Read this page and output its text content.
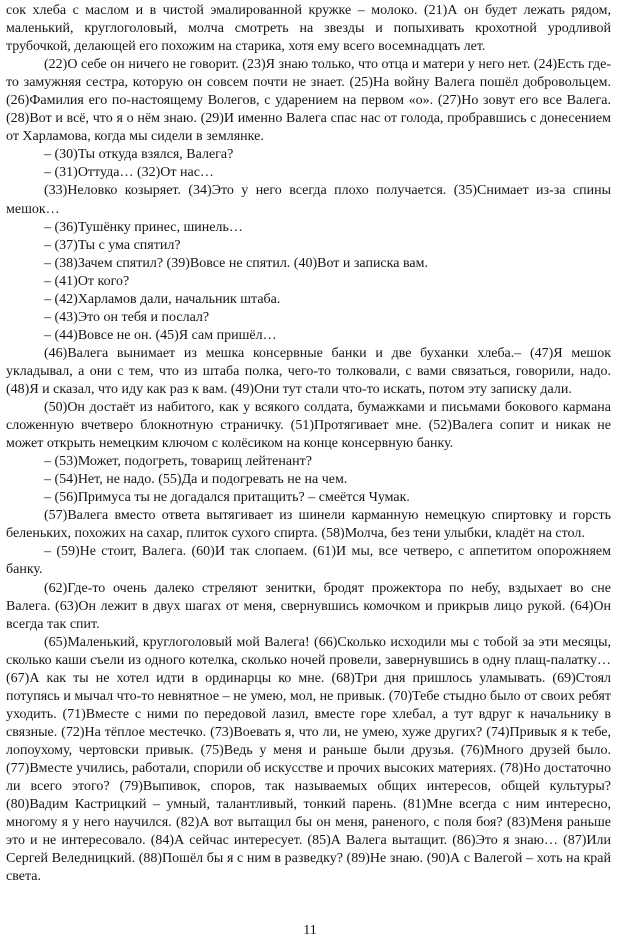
сок хлеба с маслом и в чистой эмалированной кружке – молоко. (21)А он будет лежать рядом, маленький, круглоголовый, молча смотреть на звезды и попыхивать крохотной уродливой трубочкой, делающей его похожим на старика, хотя ему всего восемнадцать лет.

(22)О себе он ничего не говорит. (23)Я знаю только, что отца и матери у него нет. (24)Есть где-то замужняя сестра, которую он совсем почти не знает. (25)На войну Валега пошёл добровольцем. (26)Фамилия его по-настоящему Волегов, с ударением на первом «о». (27)Но зовут его все Валега. (28)Вот и всё, что я о нём знаю. (29)И именно Валега спас нас от голода, пробравшись с донесением от Харламова, когда мы сидели в землянке.

– (30)Ты откуда взялся, Валега?

– (31)Оттуда… (32)От нас…

(33)Неловко козыряет. (34)Это у него всегда плохо получается. (35)Снимает из-за спины мешок…

– (36)Тушёнку принес, шинель…

– (37)Ты с ума спятил?

– (38)Зачем спятил? (39)Вовсе не спятил. (40)Вот и записка вам.

– (41)От кого?

– (42)Харламов дали, начальник штаба.

– (43)Это он тебя и послал?

– (44)Вовсе не он. (45)Я сам пришёл…

(46)Валега вынимает из мешка консервные банки и две буханки хлеба.– (47)Я мешок укладывал, а они с тем, что из штаба полка, чего-то толковали, с вами связаться, говорили, надо. (48)Я и сказал, что иду как раз к вам. (49)Они тут стали что-то искать, потом эту записку дали.

(50)Он достаёт из набитого, как у всякого солдата, бумажками и письмами бокового кармана сложенную вчетверо блокнотную страничку. (51)Протягивает мне. (52)Валега сопит и никак не может открыть немецким ключом с колёсиком на конце консервную банку.

– (53)Может, подогреть, товарищ лейтенант?

– (54)Нет, не надо. (55)Да и подогревать не на чем.

– (56)Примуса ты не догадался притащить? – смеётся Чумак.

(57)Валега вместо ответа вытягивает из шинели карманную немецкую спиртовку и горсть беленьких, похожих на сахар, плиток сухого спирта. (58)Молча, без тени улыбки, кладёт на стол.

– (59)Не стоит, Валега. (60)И так слопаем. (61)И мы, все четверо, с аппетитом опорожняем банку.

(62)Где-то очень далеко стреляют зенитки, бродят прожектора по небу, вздыхает во сне Валега. (63)Он лежит в двух шагах от меня, свернувшись комочком и прикрыв лицо рукой. (64)Он всегда так спит.

(65)Маленький, круглоголовый мой Валега! (66)Сколько исходили мы с тобой за эти месяцы, сколько каши съели из одного котелка, сколько ночей провели, завернувшись в одну плащ-палатку… (67)А как ты не хотел идти в ординарцы ко мне. (68)Три дня пришлось уламывать. (69)Стоял потупясь и мычал что-то невнятное – не умею, мол, не привык. (70)Тебе стыдно было от своих ребят уходить. (71)Вместе с ними по передовой лазил, вместе горе хлебал, а тут вдруг к начальнику в связные. (72)На тёплое местечко. (73)Воевать я, что ли, не умею, хуже других? (74)Привык я к тебе, лопоухому, чертовски привык. (75)Ведь у меня и раньше были друзья. (76)Много друзей было. (77)Вместе учились, работали, спорили об искусстве и прочих высоких материях. (78)Но достаточно ли всего этого? (79)Выпивок, споров, так называемых общих интересов, общей культуры? (80)Вадим Кастрицкий – умный, талантливый, тонкий парень. (81)Мне всегда с ним интересно, многому я у него научился. (82)А вот вытащил бы он меня, раненого, с поля боя? (83)Меня раньше это и не интересовало. (84)А сейчас интересует. (85)А Валега вытащит. (86)Это я знаю… (87)Или Сергей Веледницкий. (88)Пошёл бы я с ним в разведку? (89)Не знаю. (90)А с Валегой – хоть на край света.

11
